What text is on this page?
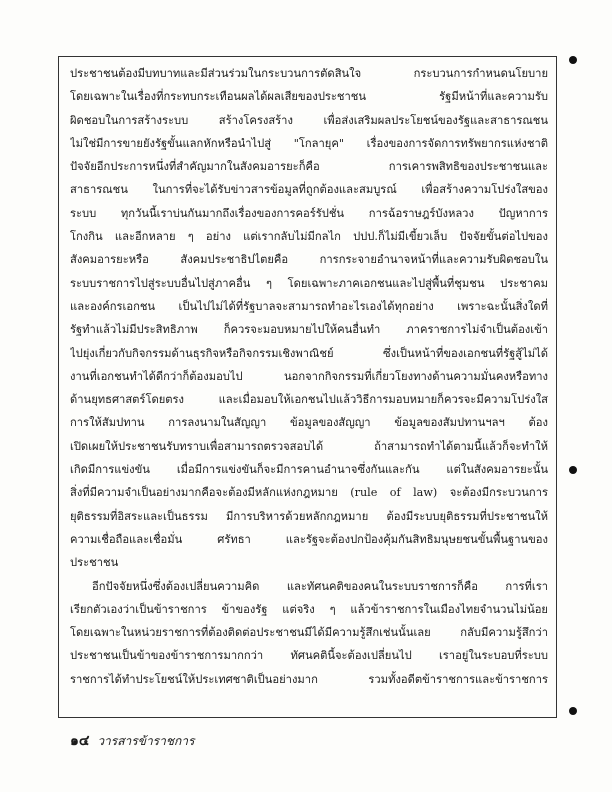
ประชาชนต้องมีบทบาทและมีส่วนร่วมในกระบวนการตัดสินใจ กระบวนการกำหนดนโยบาย
โดยเฉพาะในเรื่องที่กระทบกระเทือนผลได้ผลเสียของประชาชน รัฐมีหน้าที่และความรับ
ผิดชอบในการสร้างระบบ สร้างโครงสร้าง เพื่อส่งเสริมผลประโยชน์ของรัฐและสาธารณชน
ไม่ใช่มีการขายยังรัฐขั้นแลกหักหรือนำไปสู่ "โกลายุค" เรื่องของการจัดการทรัพยากรแห่งชาติ
ปัจจัยอีกประการหนึ่งที่สำคัญมากในสังคมอารยะก็คือ การเคารพสิทธิของประชาชนและ
สาธารณชน ในการที่จะได้รับข่าวสารข้อมูลที่ถูกต้องและสมบูรณ์ เพื่อสร้างความโปร่งใสของ
ระบบ ทุกวันนี้เราบ่นกันมากถึงเรื่องของการคอร์รัปชั่น การฉ้อราษฎร์บังหลวง ปัญหาการ
โกงกิน และอีกหลาย ๆ อย่าง แต่เรากลับไม่มีกลไก ปปป.ก็ไม่มีเขี้ยวเล็บ ปัจจัยขั้นต่อไปของ
สังคมอารยะหรือ สังคมประชาธิปไตยคือ การกระจายอำนาจหน้าที่และความรับผิดชอบใน
ระบบราชการไปสู่ระบบอื่นไปสู่ภาคอื่น ๆ โดยเฉพาะภาคเอกชนและไปสู่พื้นที่ชุมชน ประชาคม
และองค์กรเอกชน เป็นไปไม่ได้ที่รัฐบาลจะสามารถทำอะไรเองได้ทุกอย่าง เพราะฉะนั้นสิ่งใดที่
รัฐทำแล้วไม่มีประสิทธิภาพ ก็ควรจะมอบหมายไปให้คนอื่นทำ ภาคราชการไม่จำเป็นต้องเข้า
ไปยุ่งเกี่ยวกับกิจกรรมด้านธุรกิจหรือกิจกรรมเชิงพาณิชย์ ซึ่งเป็นหน้าที่ของเอกชนที่รัฐสู้ไม่ได้
งานที่เอกชนทำได้ดีกว่าก็ต้องมอบไป นอกจากกิจกรรมที่เกี่ยวโยงทางด้านความมั่นคงหรือทาง
ด้านยุทธศาสตร์โดยตรง และเมื่อมอบให้เอกชนไปแล้ววิธีการมอบหมายก็ควรจะมีความโปร่งใส
การให้สัมปทาน การลงนามในสัญญา ข้อมูลของสัญญา ข้อมูลของสัมปทานฯลฯ ต้อง
เปิดเผยให้ประชาชนรับทราบเพื่อสามารถตรวจสอบได้ ถ้าสามารถทำได้ตามนี้แล้วก็จะทำให้
เกิดมีการแข่งขัน เมื่อมีการแข่งขันก็จะมีการคานอำนาจซึ่งกันและกัน แต่ในสังคมอารยะนั้น
สิ่งที่มีความจำเป็นอย่างมากคือจะต้องมีหลักแห่งกฎหมาย (rule of law) จะต้องมีกระบวนการ
ยุติธรรมที่อิสระและเป็นธรรม มีการบริหารด้วยหลักกฎหมาย ต้องมีระบบยุติธรรมที่ประชาชนให้
ความเชื่อถือและเชื่อมั่น ศรัทธา และรัฐจะต้องปกป้องคุ้มกันสิทธิมนุษยชนขั้นพื้นฐานของ
ประชาชน
อีกปัจจัยหนึ่งซึ่งต้องเปลี่ยนความคิด และทัศนคติของคนในระบบราชการก็คือ การที่เรา
เรียกตัวเองว่าเป็นข้าราชการ ข้าของรัฐ แต่จริง ๆ แล้วข้าราชการในเมืองไทยจำนวนไม่น้อย
โดยเฉพาะในหน่วยราชการที่ต้องติดต่อประชาชนมีได้มีความรู้สึกเช่นนั้นเลย กลับมีความรู้สึกว่า
ประชาชนเป็นข้าของข้าราชการมากกว่า ทัศนคตินี้จะต้องเปลี่ยนไป เราอยู่ในระบอบที่ระบบ
ราชการได้ทำประโยชน์ให้ประเทศชาติเป็นอย่างมาก รวมทั้งอดีตข้าราชการและข้าราชการ
๑๔ วารสารข้าราชการ
